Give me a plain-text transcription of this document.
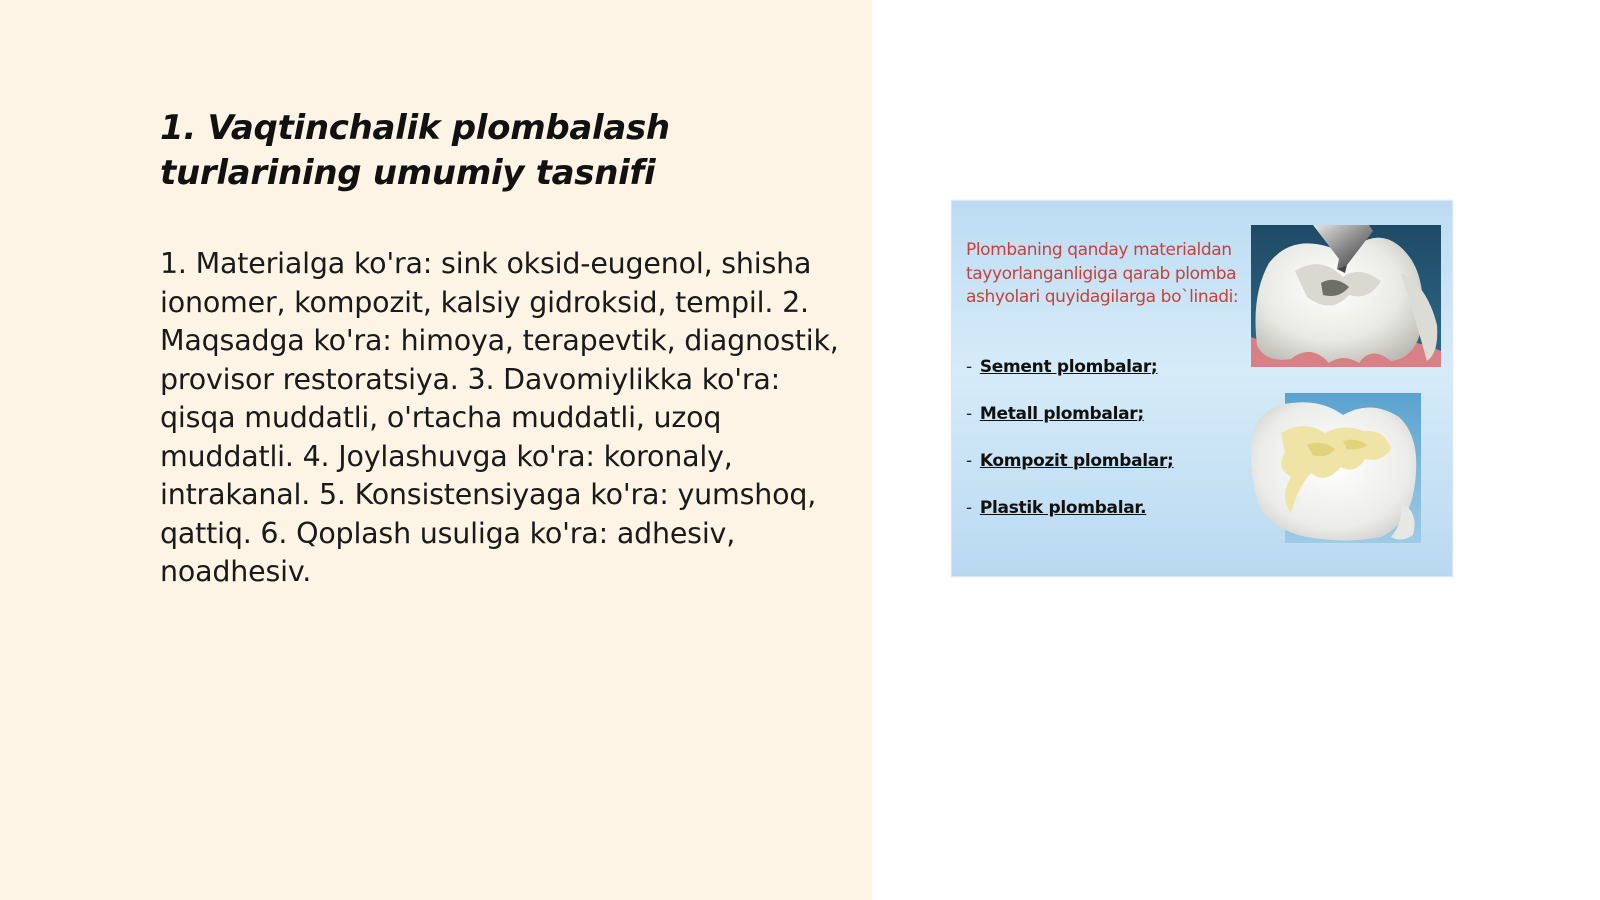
1. Vaqtinchalik plombalash turlarining umumiy tasnifi

1. Materialga ko'ra: sink oksid-eugenol, shisha ionomer, kompozit, kalsiy gidroksid, tempil. 2. Maqsadga ko'ra: himoya, terapevtik, diagnostik, provisor restoratsiya. 3. Davomiylikka ko'ra: qisqa muddatli, o'rtacha muddatli, uzoq muddatli. 4. Joylashuvga ko'ra: koronaly, intrakanal. 5. Konsistensiyaga ko'ra: yumshoq, qattiq. 6. Qoplash usuliga ko'ra: adhesiv, noadhesiv.

Plombaning qanday materialdan tayyorlanganligiga qarab plomba ashyolari quyidagilarga bo`linadi:

- Sement plombalar;
- Metall plombalar;
- Kompozit plombalar;
- Plastik plombalar.
